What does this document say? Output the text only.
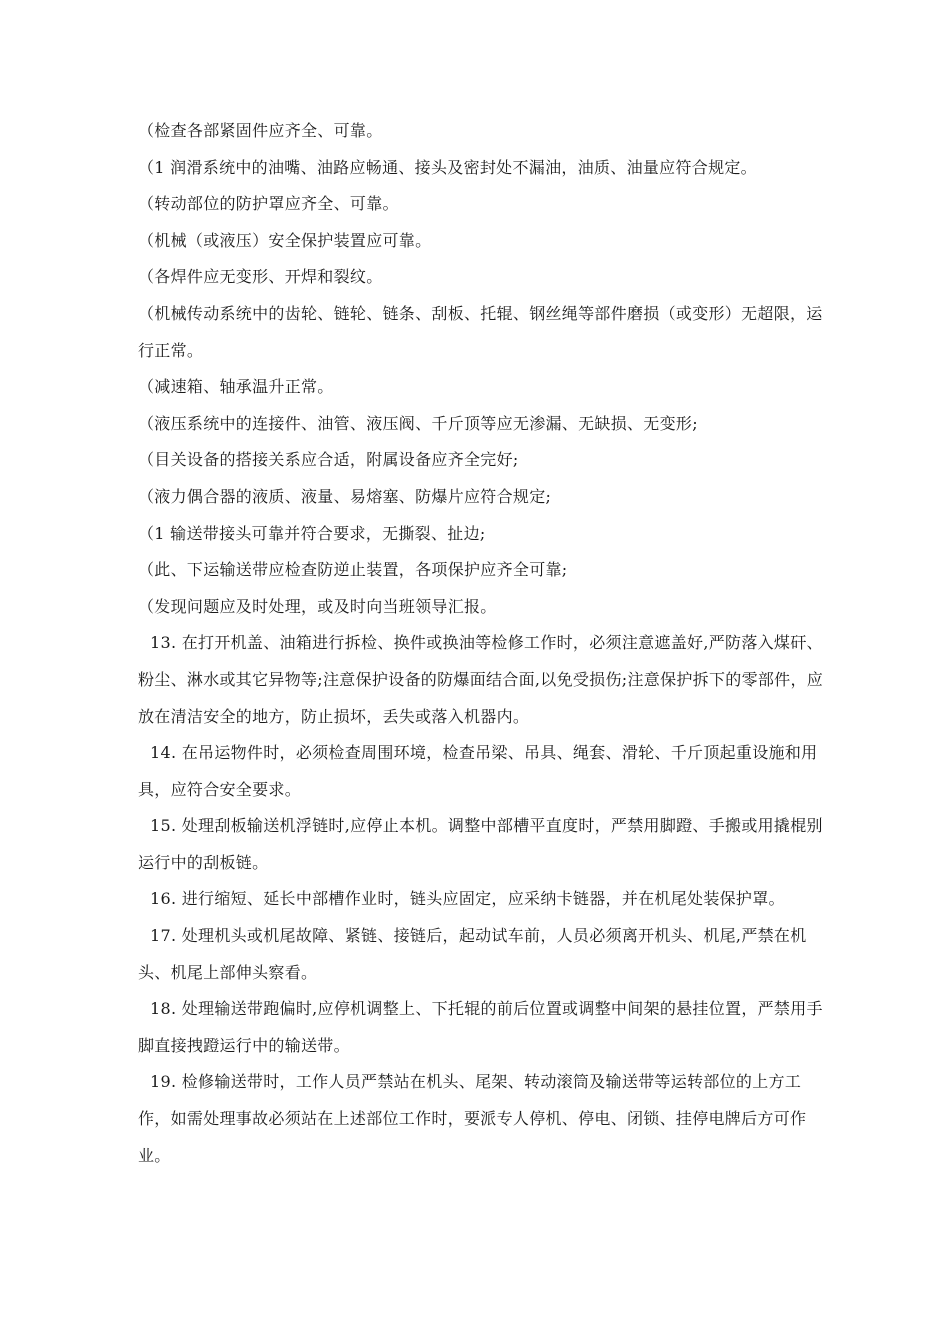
（检查各部紧固件应齐全、可靠。

（1 润滑系统中的油嘴、油路应畅通、接头及密封处不漏油，油质、油量应符合规定。

（转动部位的防护罩应齐全、可靠。

（机械（或液压）安全保护装置应可靠。

（各焊件应无变形、开焊和裂纹。

（机械传动系统中的齿轮、链轮、链条、刮板、托辊、钢丝绳等部件磨损（或变形）无超限，运行正常。

（减速箱、轴承温升正常。

（液压系统中的连接件、油管、液压阀、千斤顶等应无渗漏、无缺损、无变形;

（目关设备的搭接关系应合适，附属设备应齐全完好;

（液力偶合器的液质、液量、易熔塞、防爆片应符合规定;

（1 输送带接头可靠并符合要求，无撕裂、扯边;

（此、下运输送带应检查防逆止装置，各项保护应齐全可靠;

（发现问题应及时处理，或及时向当班领导汇报。

13. 在打开机盖、油箱进行拆检、换件或换油等检修工作时，必须注意遮盖好,严防落入煤矸、粉尘、淋水或其它异物等;注意保护设备的防爆面结合面,以免受损伤;注意保护拆下的零部件，应放在清洁安全的地方，防止损坏，丢失或落入机器内。

14. 在吊运物件时，必须检查周围环境，检查吊梁、吊具、绳套、滑轮、千斤顶起重设施和用具，应符合安全要求。

15. 处理刮板输送机浮链时,应停止本机。调整中部槽平直度时，严禁用脚蹬、手搬或用撬棍别运行中的刮板链。

16. 进行缩短、延长中部槽作业时，链头应固定，应采纳卡链器，并在机尾处装保护罩。

17. 处理机头或机尾故障、紧链、接链后，起动试车前，人员必须离开机头、机尾,严禁在机头、机尾上部伸头察看。

18. 处理输送带跑偏时,应停机调整上、下托辊的前后位置或调整中间架的悬挂位置，严禁用手脚直接拽蹬运行中的输送带。

19. 检修输送带时，工作人员严禁站在机头、尾架、转动滚筒及输送带等运转部位的上方工作，如需处理事故必须站在上述部位工作时，要派专人停机、停电、闭锁、挂停电牌后方可作业。
